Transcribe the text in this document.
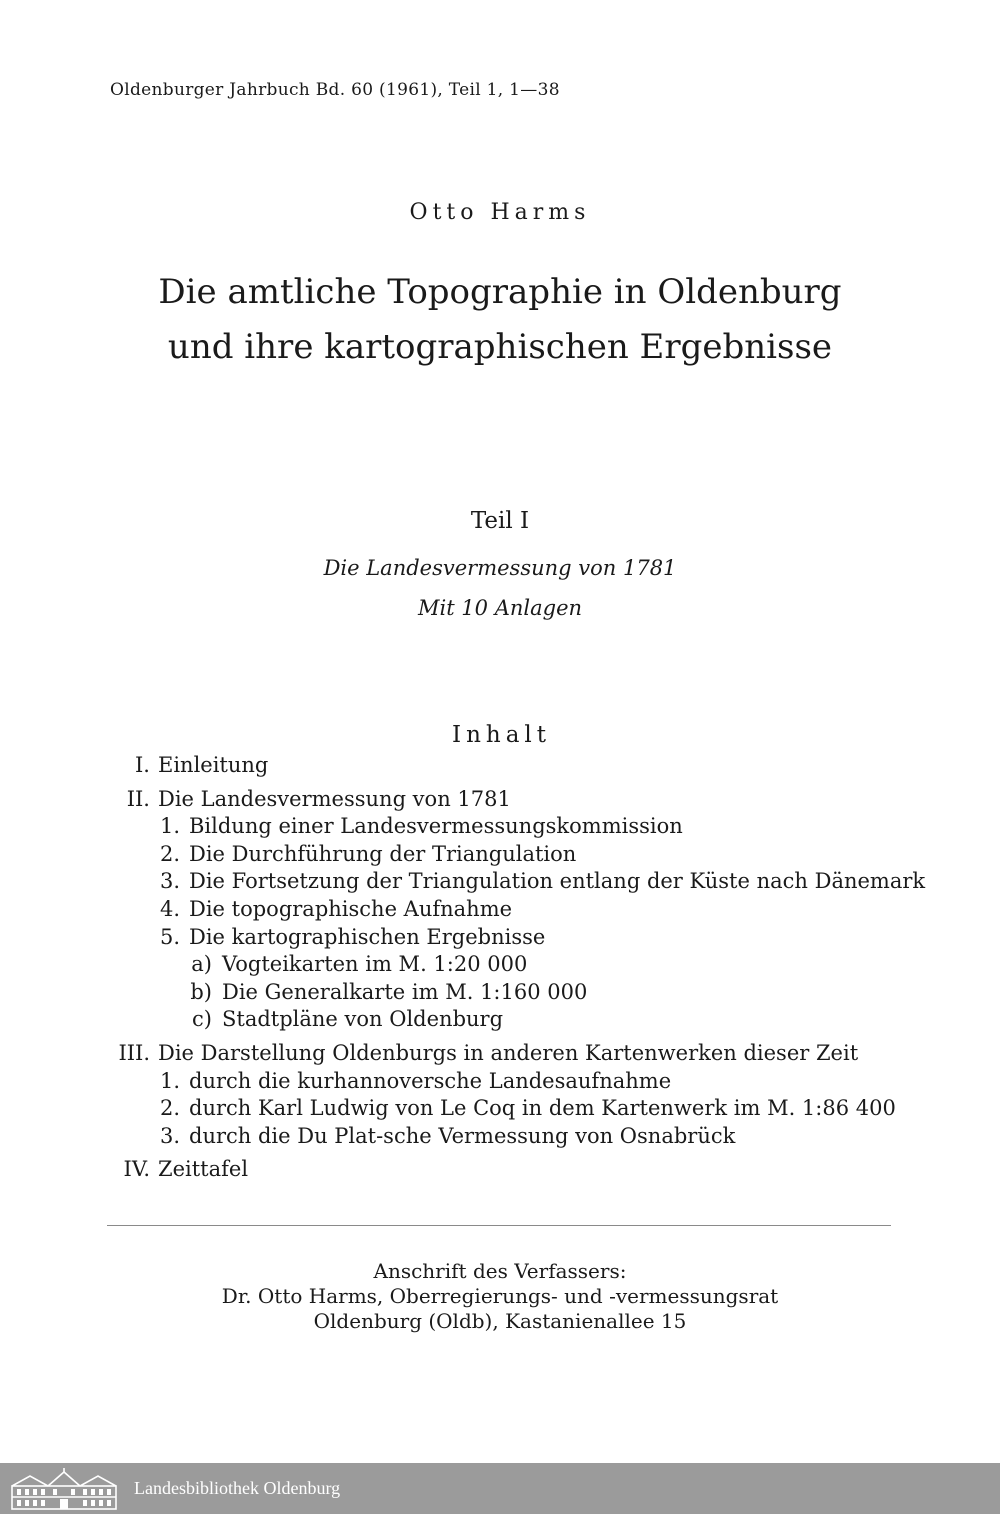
Oldenburger Jahrbuch Bd. 60 (1961), Teil 1, 1—38
Otto Harms
Die amtliche Topographie in Oldenburg
und ihre kartographischen Ergebnisse
Teil I
Die Landesvermessung von 1781
Mit 10 Anlagen
Inhalt
I. Einleitung
II. Die Landesvermessung von 1781
1. Bildung einer Landesvermessungskommission
2. Die Durchführung der Triangulation
3. Die Fortsetzung der Triangulation entlang der Küste nach Dänemark
4. Die topographische Aufnahme
5. Die kartographischen Ergebnisse
a) Vogteikarten im M. 1:20 000
b) Die Generalkarte im M. 1:160 000
c) Stadtpläne von Oldenburg
III. Die Darstellung Oldenburgs in anderen Kartenwerken dieser Zeit
1. durch die kurhannoversche Landesaufnahme
2. durch Karl Ludwig von Le Coq in dem Kartenwerk im M. 1:86 400
3. durch die Du Plat-sche Vermessung von Osnabrück
IV. Zeittafel
Anschrift des Verfassers:
Dr. Otto Harms, Oberregierungs- und -vermessungsrat
Oldenburg (Oldb), Kastanienallee 15
Landesbibliothek Oldenburg
